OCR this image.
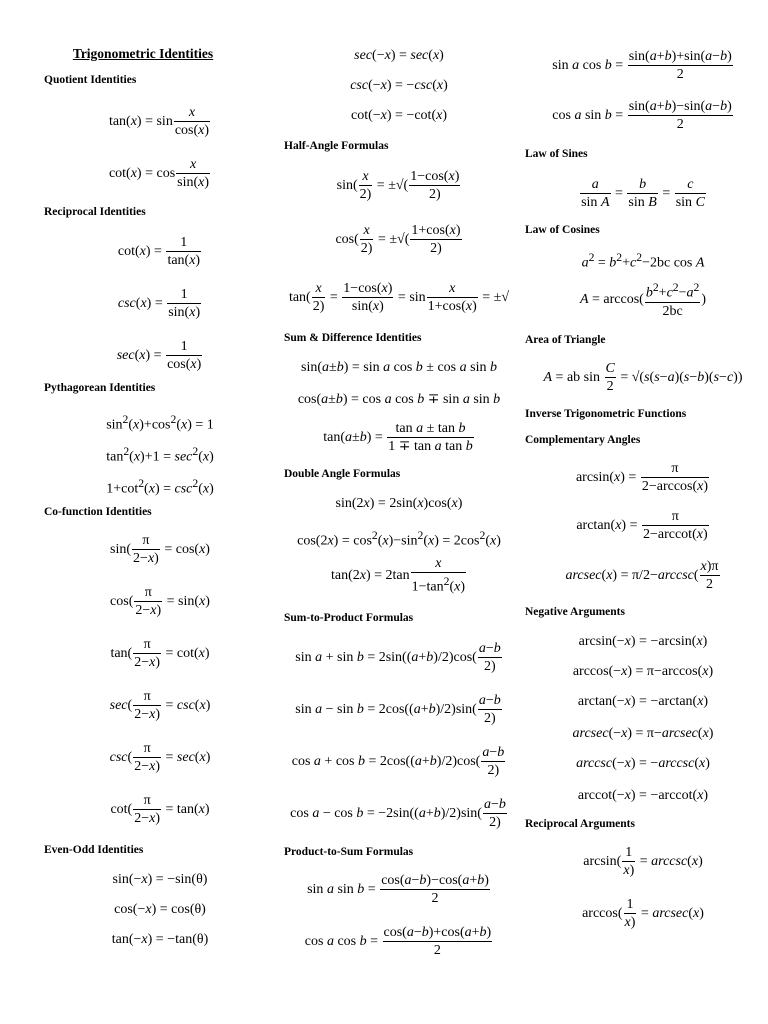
Trigonometric Identities
Quotient Identities
$\tan(x) = \sin \frac{x}{\cos(x)}$
$\cot(x) = \cos \frac{x}{\sin(x)}$
Reciprocal Identities
$\cot(x) = \frac{1}{\tan(x)}$
$\csc(x) = \frac{1}{\sin(x)}$
$\sec(x) = \frac{1}{\cos(x)}$
Pythagorean Identities
$\sin^2(x)+\cos^2(x) = 1$
$\tan^2(x)+1 = \sec^2(x)$
$1+\cot^2(x) = \csc^2(x)$
Co-function Identities
$\sin( \frac{\pi}{2-x)} = \cos(x)$
$\cos( \frac{\pi}{2-x)} = \sin(x)$
$\tan( \frac{\pi}{2-x)} = \cot(x)$
$\sec( \frac{\pi}{2-x)} = \csc(x)$
$\csc( \frac{\pi}{2-x)} = \sec(x)$
$\cot( \frac{\pi}{2-x)} = \tan(x)$
Even-Odd Identities
sin(−x) = −sin(θ)
cos(−x) = cos(θ)
tan(−x) = −tan(θ)
sec(−x) = sec(x)
csc(−x) = −csc(x)
cot(−x) = −cot(x)
Half-Angle Formulas
$\sin( \frac{x}{2)}$ = ±√( $\frac{1-\cos(x)}{2)}$
$\cos( \frac{x}{2)}$ = ±√( $\frac{1+\cos(x)}{2)}$
$\tan( \frac{x}{2)} = \frac{1-\cos(x)}{\sin(x)} = \sin \frac{x}{1+\cos(x)}$ = ±√
Sum & Difference Identities
sin(a±b) = sin a cos b ± cos a sin b
cos(a±b) = cos a cos b ∓ sin a sin b
$\tan(a\pm b) = \frac{\text{tan a ± tan b}}{\text{1 ∓ tan a tan b}}$
Double Angle Formulas
sin(2x) = 2sin(x)cos(x)
$\cos(2x) = \cos^2(x)-\sin^2(x) = 2\cos^2(x)$
$\tan(2x) = 2\tan \frac{x}{1-\tan^2(x)}$
Sum-to-Product Formulas
$\sin a + \sin b = 2\sin((a+b)/2)\cos( \frac{a-b}{2)}$
$\sin a - \sin b = 2\cos((a+b)/2)\sin( \frac{a-b}{2)}$
$\cos a + \cos b = 2\cos((a+b)/2)\cos( \frac{a-b}{2)}$
$\cos a - \cos b = -2\sin((a+b)/2)\sin( \frac{a-b}{2)}$
Product-to-Sum Formulas
sin a $\sin b = \frac{\cos(a-b)-\cos(a+b)}{2}$
cos a $\cos b = \frac{\cos(a-b)+\cos(a+b)}{2}$
sin a $\cos b = \frac{\sin(a+b)+\sin(a-b)}{2}$
cos a $\sin b = \frac{\sin(a+b)-\sin(a-b)}{2}$
Law of Sines
$\frac{a}{\text{sin A}} = \frac{b}{\text{sin B}} = \frac{c}{\text{sin C}}$
Law of Cosines
$a^2 = b^2+c^2-2bc$ cos A
$A = \arccos( \frac{b^2+c^2-a^2}{2bc}$ )
Area of Triangle
A = ab $\sin \frac{C}{2} = √(s(s-a)(s-b)(s-c))$
Inverse Trigonometric Functions
Complementary Angles
$\arcsin(x) = \frac{\pi}{2-\arccos(x)}$
$\arctan(x) = \frac{\pi}{\text{2−arccot(x)}}$
$arcsec(x) = \pi/2-arccsc( \frac{x)\pi}{2}$
Negative Arguments
arcsin(−x) = −arcsin(x)
arccos(−x) = π−arccos(x)
arctan(−x) = −arctan(x)
arcsec(−x) = π−arcsec(x)
arccsc(−x) = −arccsc(x)
arccot(−x) = −arccot(x)
Reciprocal Arguments
$\arcsin( \frac{1}{x)} = arccsc(x)$
$\arccos( \frac{1}{x)} = arcsec(x)$
